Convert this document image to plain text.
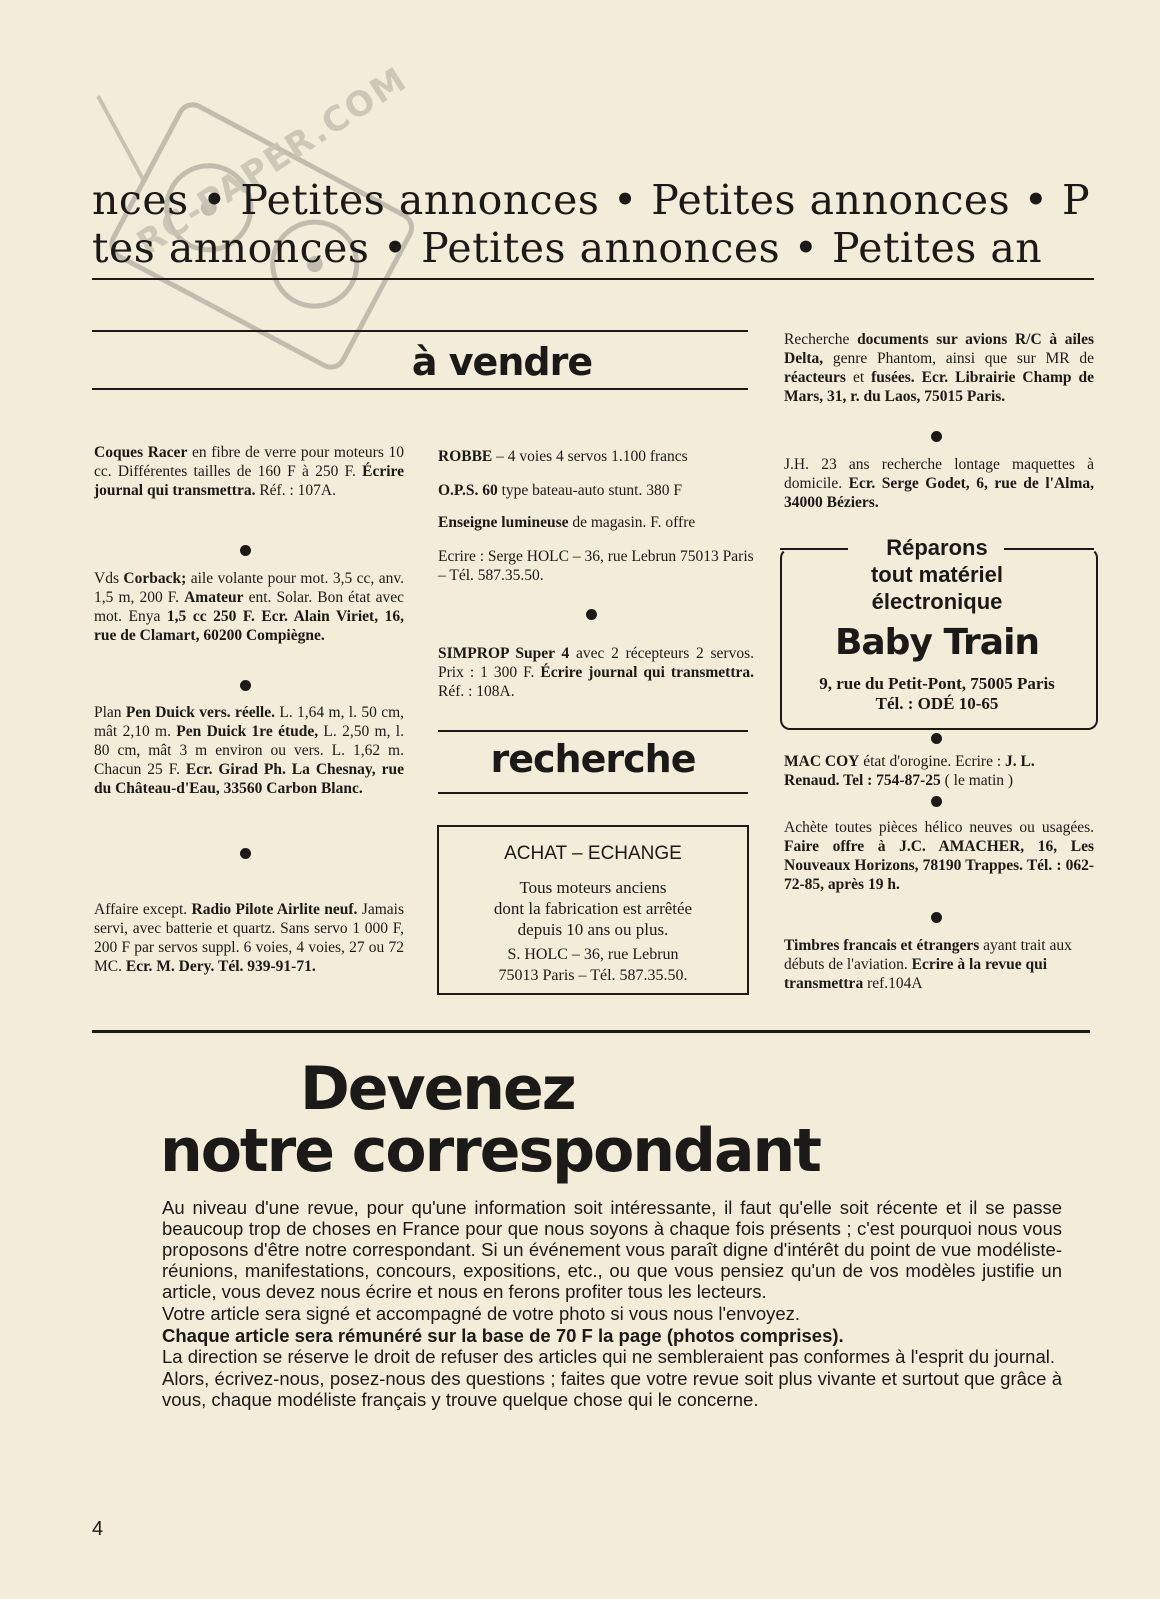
RC-PAPER.COM
nces • Petites annonces • Petites annonces • P
tes annonces • Petites annonces • Petites an
à vendre
Coques Racer en fibre de verre pour moteurs 10 cc. Différentes tailles de 160 F à 250 F. Écrire journal qui transmettra. Réf. : 107A.
Vds Corback; aile volante pour mot. 3,5 cc, anv. 1,5 m, 200 F. Amateur ent. Solar. Bon état avec mot. Enya 1,5 cc 250 F. Ecr. Alain Viriet, 16, rue de Clamart, 60200 Compiègne.
Plan Pen Duick vers. réelle. L. 1,64 m, l. 50 cm, mât 2,10 m. Pen Duick 1re étude, L. 2,50 m, l. 80 cm, mât 3 m environ ou vers. L. 1,62 m. Chacun 25 F. Ecr. Girad Ph. La Chesnay, rue du Château-d'Eau, 33560 Carbon Blanc.
Affaire except. Radio Pilote Airlite neuf. Jamais servi, avec batterie et quartz. Sans servo 1 000 F, 200 F par servos suppl. 6 voies, 4 voies, 27 ou 72 MC. Ecr. M. Dery. Tél. 939-91-71.
ROBBE – 4 voies 4 servos 1.100 francs
O.P.S. 60 type bateau-auto stunt. 380 F
Enseigne lumineuse de magasin. F. offre
Ecrire : Serge HOLC – 36, rue Lebrun 75013 Paris – Tél. 587.35.50.
SIMPROP Super 4 avec 2 récepteurs 2 servos. Prix : 1 300 F. Écrire journal qui transmettra. Réf. : 108A.
recherche
ACHAT – ECHANGE
Tous moteurs anciens
dont la fabrication est arrêtée
depuis 10 ans ou plus.
S. HOLC – 36, rue Lebrun
75013 Paris – Tél. 587.35.50.
Recherche documents sur avions R/C à ailes Delta, genre Phantom, ainsi que sur MR de réacteurs et fusées. Ecr. Librairie Champ de Mars, 31, r. du Laos, 75015 Paris.
J.H. 23 ans recherche lontage maquettes à domicile. Ecr. Serge Godet, 6, rue de l'Alma, 34000 Béziers.
Réparons
tout matériel
électronique
Baby Train
9, rue du Petit-Pont, 75005 Paris
Tél. : ODÉ 10-65
MAC COY état d'orogine. Ecrire : J. L. Renaud. Tel : 754-87-25 ( le matin )
Achète toutes pièces hélico neuves ou usagées. Faire offre à J.C. AMACHER, 16, Les Nouveaux Horizons, 78190 Trappes. Tél. : 062-72-85, après 19 h.
Timbres francais et étrangers ayant trait aux débuts de l'aviation. Ecrire à la revue qui transmettra ref.104A
Devenez
notre correspondant

Au niveau d'une revue, pour qu'une information soit intéressante, il faut qu'elle soit récente et il se passe beaucoup trop de choses en France pour que nous soyons à chaque fois présents ; c'est pourquoi nous vous proposons d'être notre correspondant. Si un événement vous paraît digne d'intérêt du point de vue modéliste-réunions, manifestations, concours, expositions, etc., ou que vous pensiez qu'un de vos modèles justifie un article, vous devez nous écrire et nous en ferons profiter tous les lecteurs.

Votre article sera signé et accompagné de votre photo si vous nous l'envoyez.

Chaque article sera rémunéré sur la base de 70 F la page (photos comprises).

La direction se réserve le droit de refuser des articles qui ne sembleraient pas conformes à l'esprit du journal.

Alors, écrivez-nous, posez-nous des questions ; faites que votre revue soit plus vivante et surtout que grâce à vous, chaque modéliste français y trouve quelque chose qui le concerne.

4
